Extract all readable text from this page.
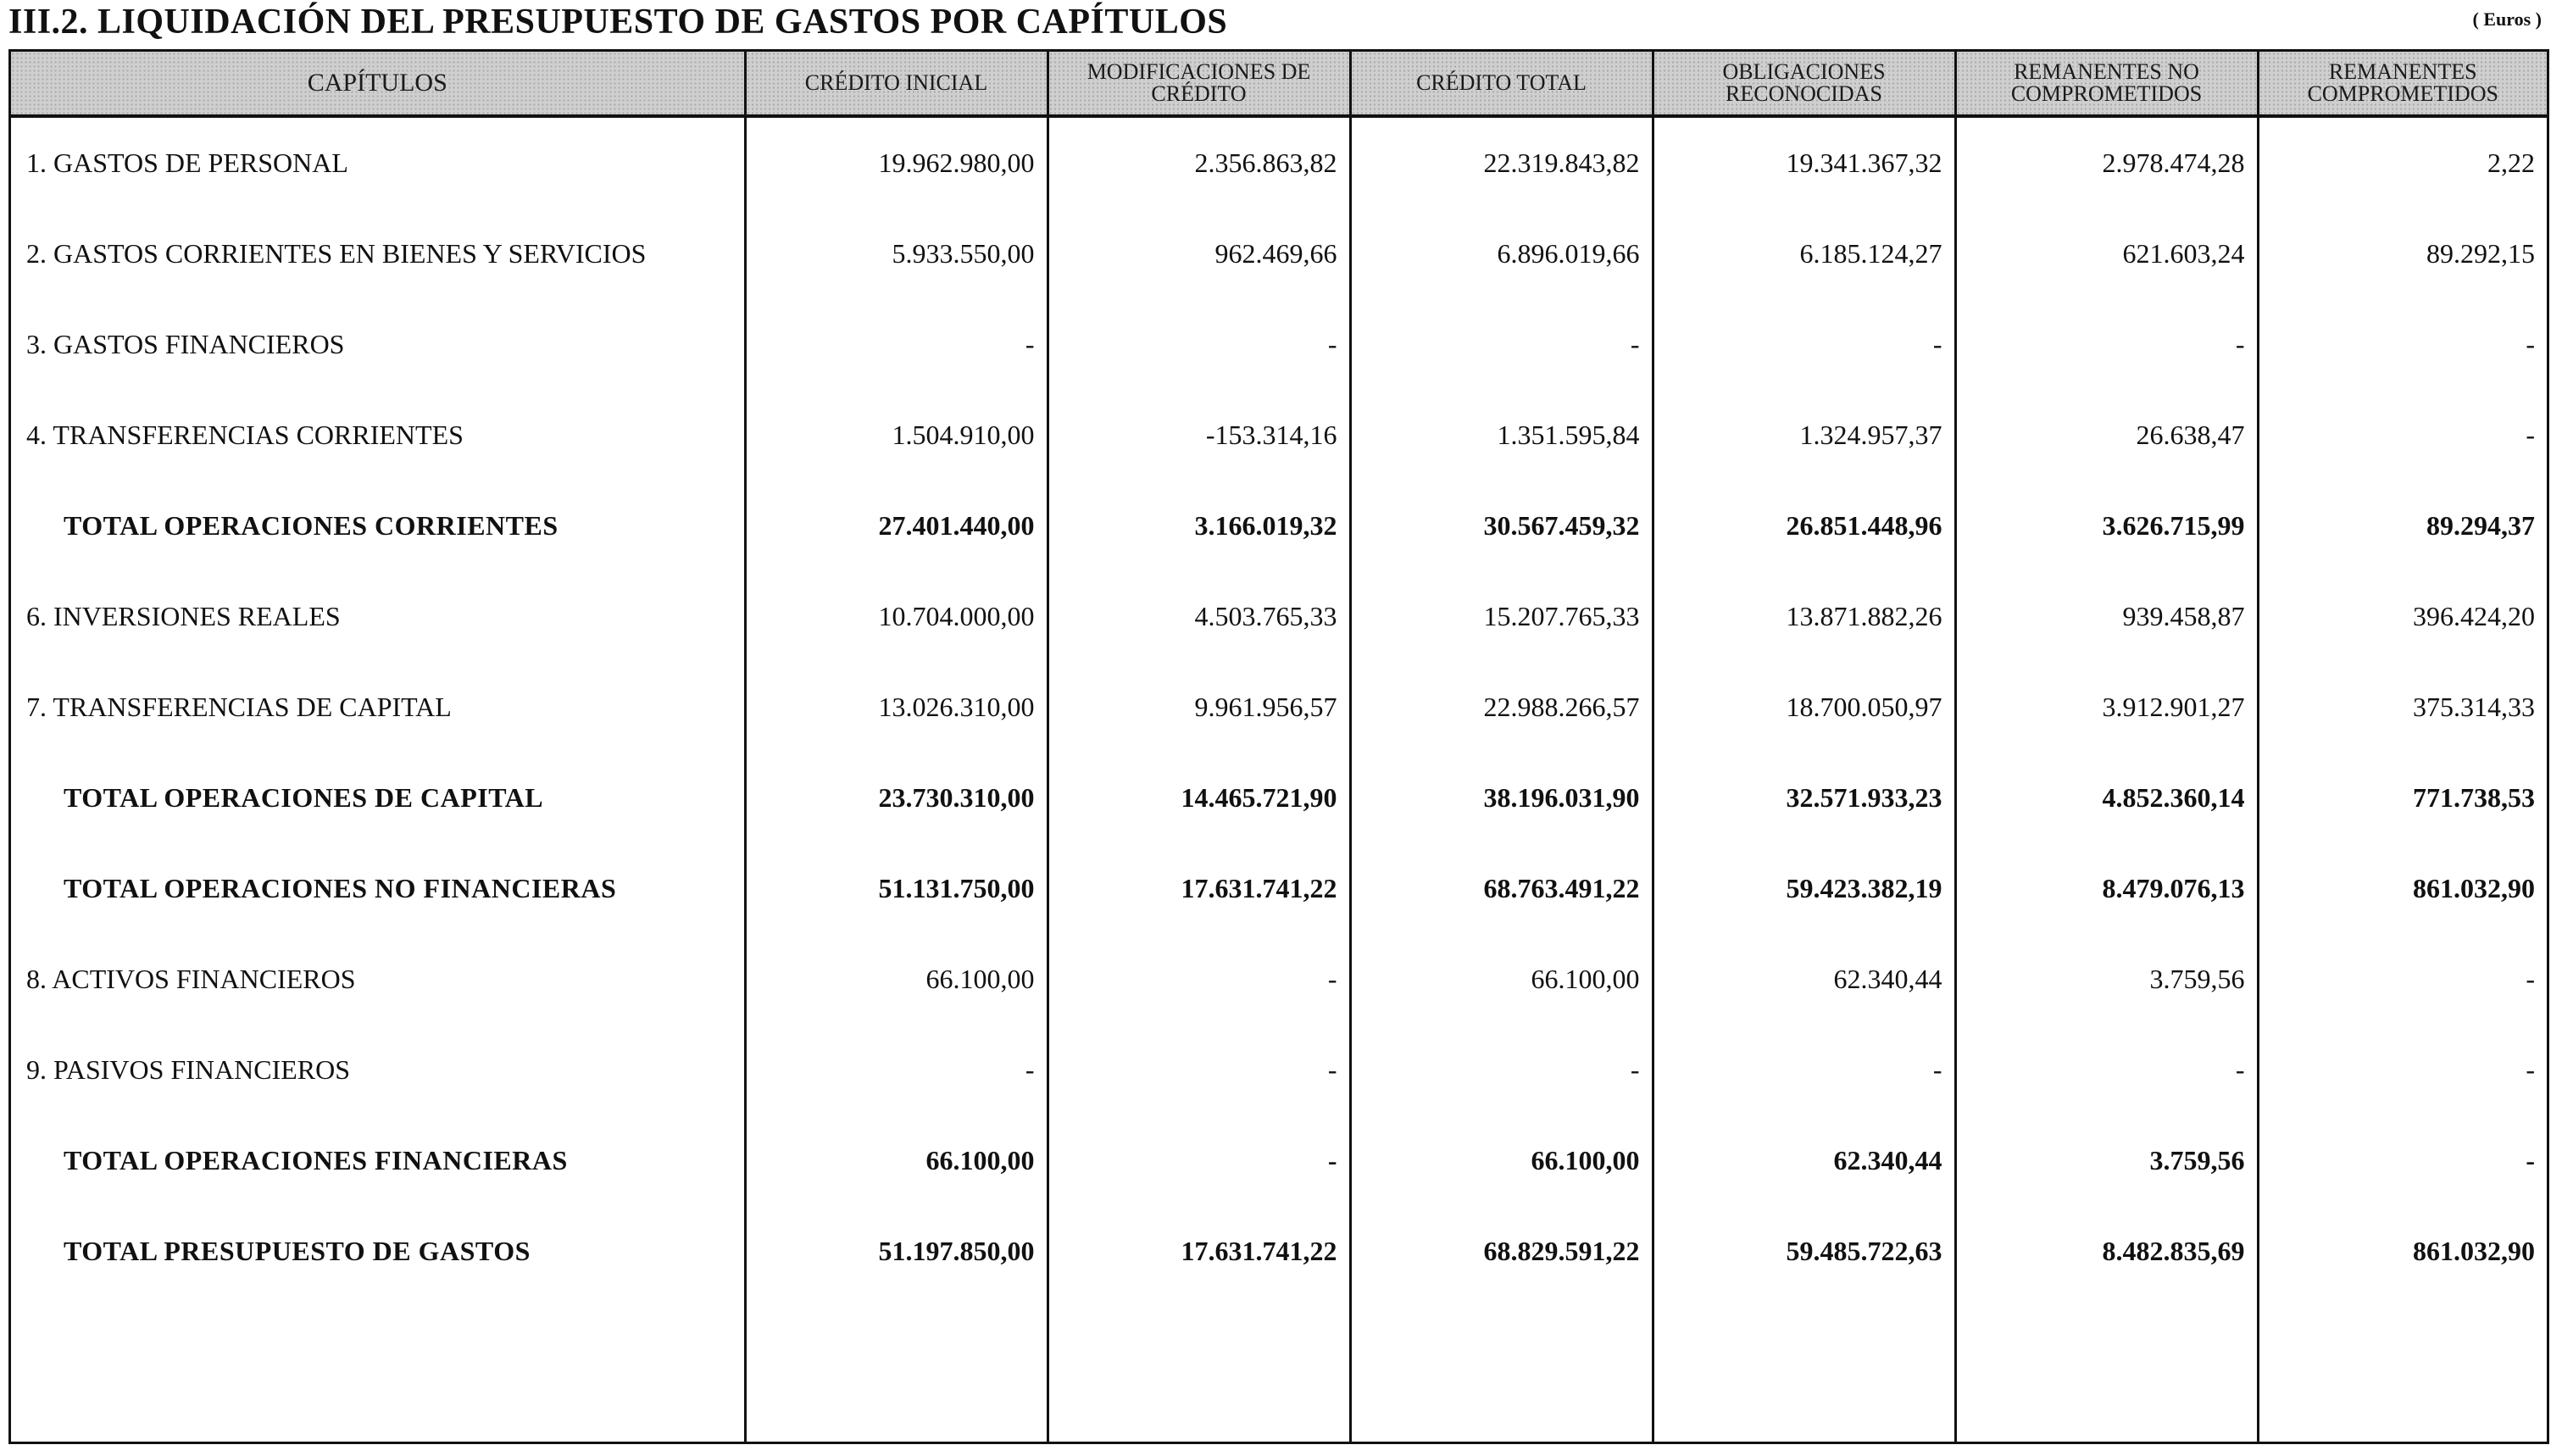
III.2. LIQUIDACIÓN DEL PRESUPUESTO DE GASTOS POR CAPÍTULOS	( Euros )
CAPÍTULOS	CRÉDITO INICIAL	MODIFICACIONES DE CRÉDITO	CRÉDITO TOTAL	OBLIGACIONES RECONOCIDAS	REMANENTES NO COMPROMETIDOS	REMANENTES COMPROMETIDOS
1. GASTOS DE PERSONAL	19.962.980,00	2.356.863,82	22.319.843,82	19.341.367,32	2.978.474,28	2,22
2. GASTOS CORRIENTES EN BIENES Y SERVICIOS	5.933.550,00	962.469,66	6.896.019,66	6.185.124,27	621.603,24	89.292,15
3. GASTOS FINANCIEROS	-	-	-	-	-	-
4. TRANSFERENCIAS CORRIENTES	1.504.910,00	-153.314,16	1.351.595,84	1.324.957,37	26.638,47	-
TOTAL OPERACIONES CORRIENTES	27.401.440,00	3.166.019,32	30.567.459,32	26.851.448,96	3.626.715,99	89.294,37
6. INVERSIONES REALES	10.704.000,00	4.503.765,33	15.207.765,33	13.871.882,26	939.458,87	396.424,20
7. TRANSFERENCIAS DE CAPITAL	13.026.310,00	9.961.956,57	22.988.266,57	18.700.050,97	3.912.901,27	375.314,33
TOTAL OPERACIONES DE CAPITAL	23.730.310,00	14.465.721,90	38.196.031,90	32.571.933,23	4.852.360,14	771.738,53
TOTAL OPERACIONES NO FINANCIERAS	51.131.750,00	17.631.741,22	68.763.491,22	59.423.382,19	8.479.076,13	861.032,90
8. ACTIVOS FINANCIEROS	66.100,00	-	66.100,00	62.340,44	3.759,56	-
9. PASIVOS FINANCIEROS	-	-	-	-	-	-
TOTAL OPERACIONES FINANCIERAS	66.100,00	-	66.100,00	62.340,44	3.759,56	-
TOTAL PRESUPUESTO DE GASTOS	51.197.850,00	17.631.741,22	68.829.591,22	59.485.722,63	8.482.835,69	861.032,90
